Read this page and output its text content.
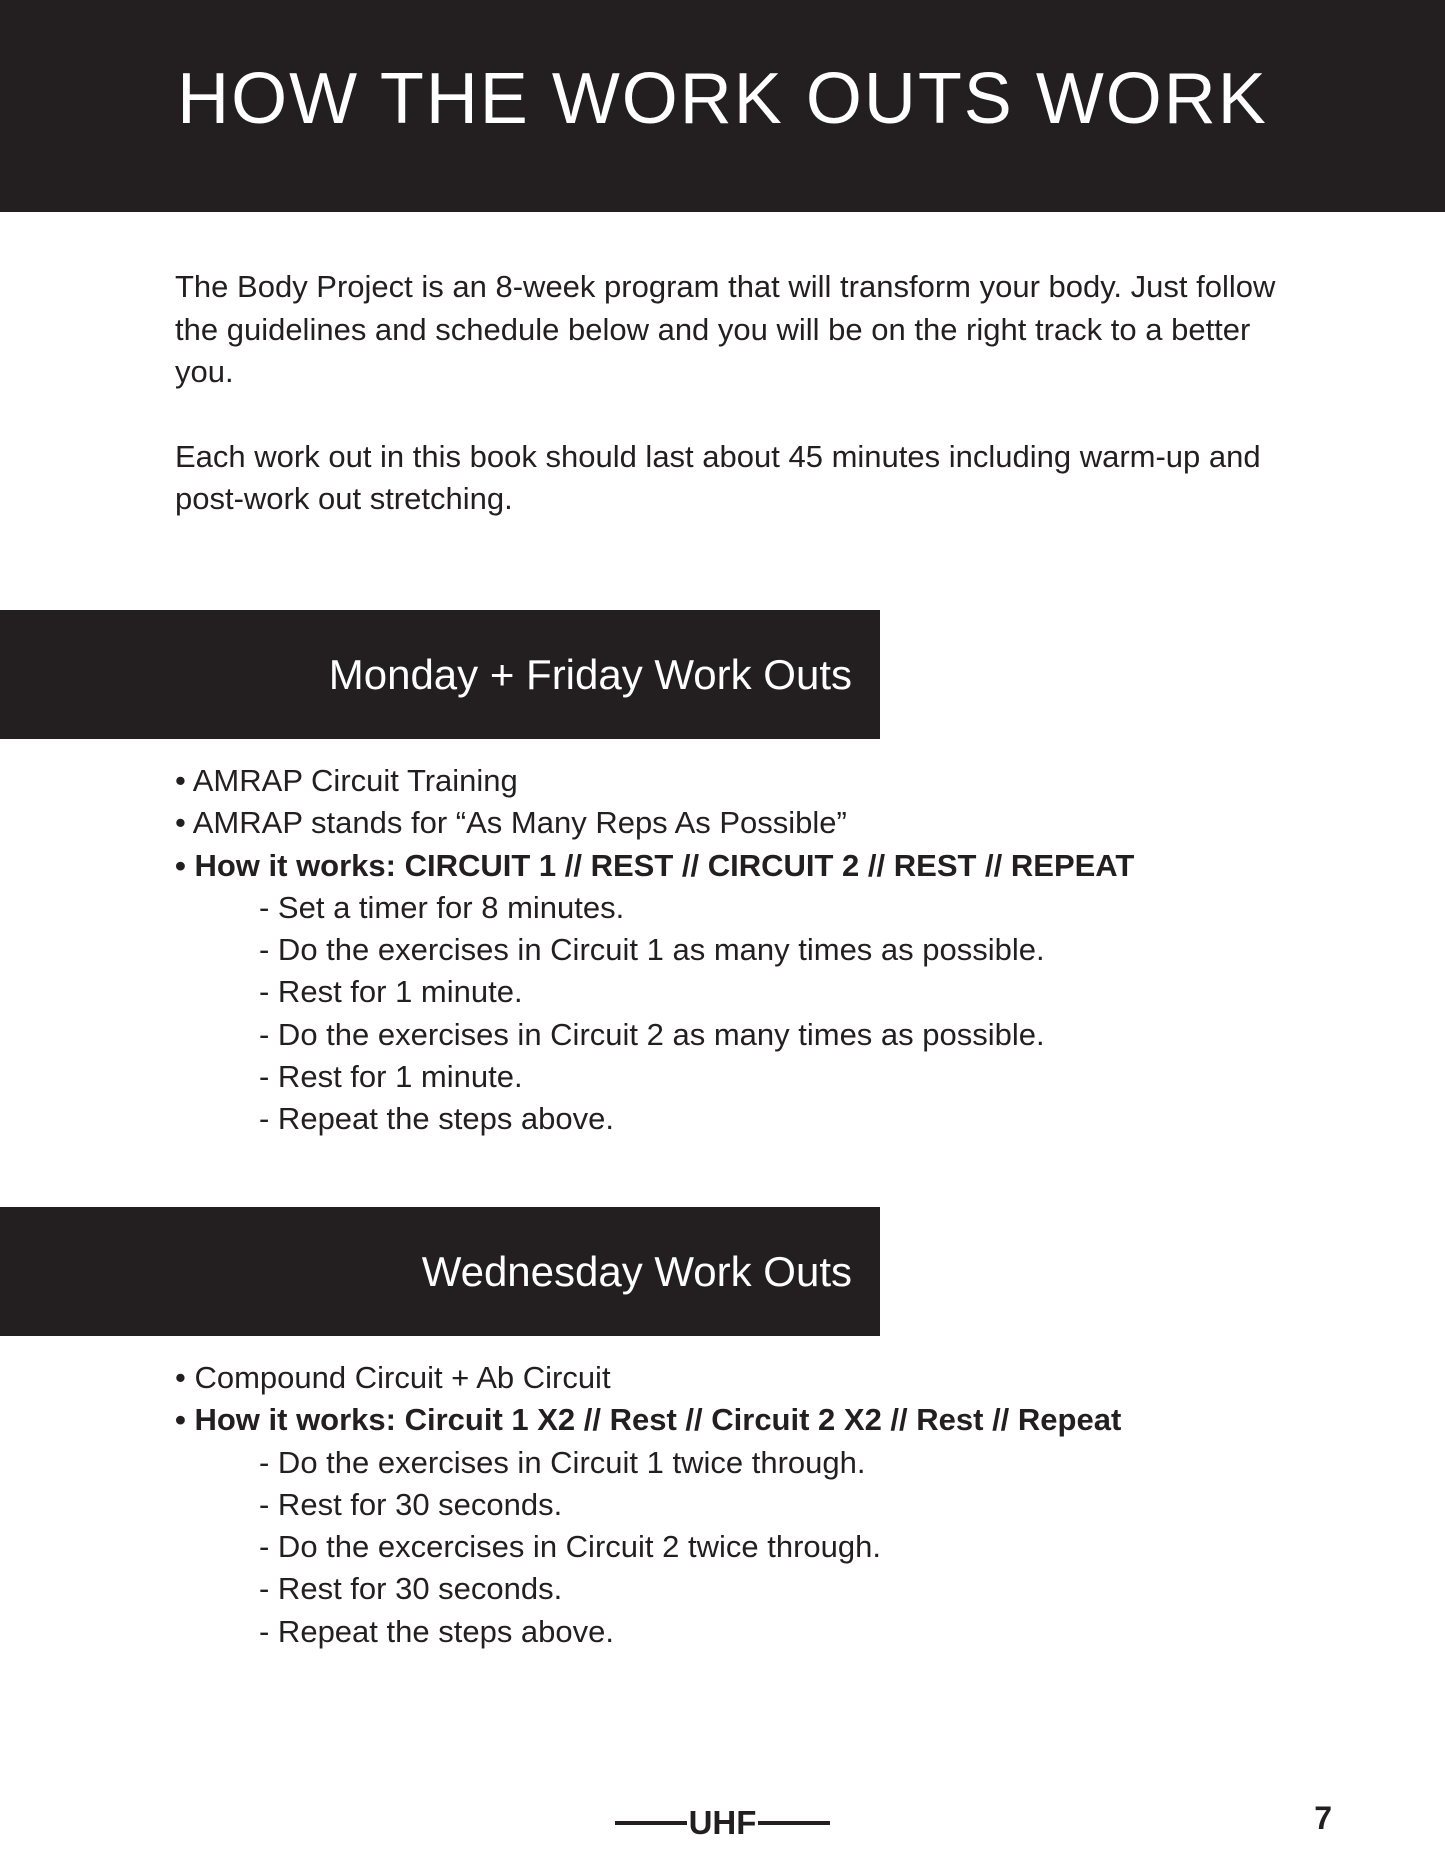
HOW THE WORK OUTS WORK

The Body Project is an 8-week program that will transform your body. Just follow the guidelines and schedule below and you will be on the right track to a better you.

Each work out in this book should last about 45 minutes including warm-up and post-work out stretching.

Monday + Friday Work Outs
• AMRAP Circuit Training
• AMRAP stands for “As Many Reps As Possible”
• How it works: CIRCUIT 1 // REST // CIRCUIT 2 // REST // REPEAT
- Set a timer for 8 minutes.
- Do the exercises in Circuit 1 as many times as possible.
- Rest for 1 minute.
- Do the exercises in Circuit 2 as many times as possible.
- Rest for 1 minute.
- Repeat the steps above.
Wednesday Work Outs
• Compound Circuit + Ab Circuit
• How it works: Circuit 1 X2 // Rest // Circuit 2 X2 // Rest // Repeat
- Do the exercises in Circuit 1 twice through.
- Rest for 30 seconds.
- Do the excercises in Circuit 2 twice through.
- Rest for 30 seconds.
- Repeat the steps above.
UHF	7
